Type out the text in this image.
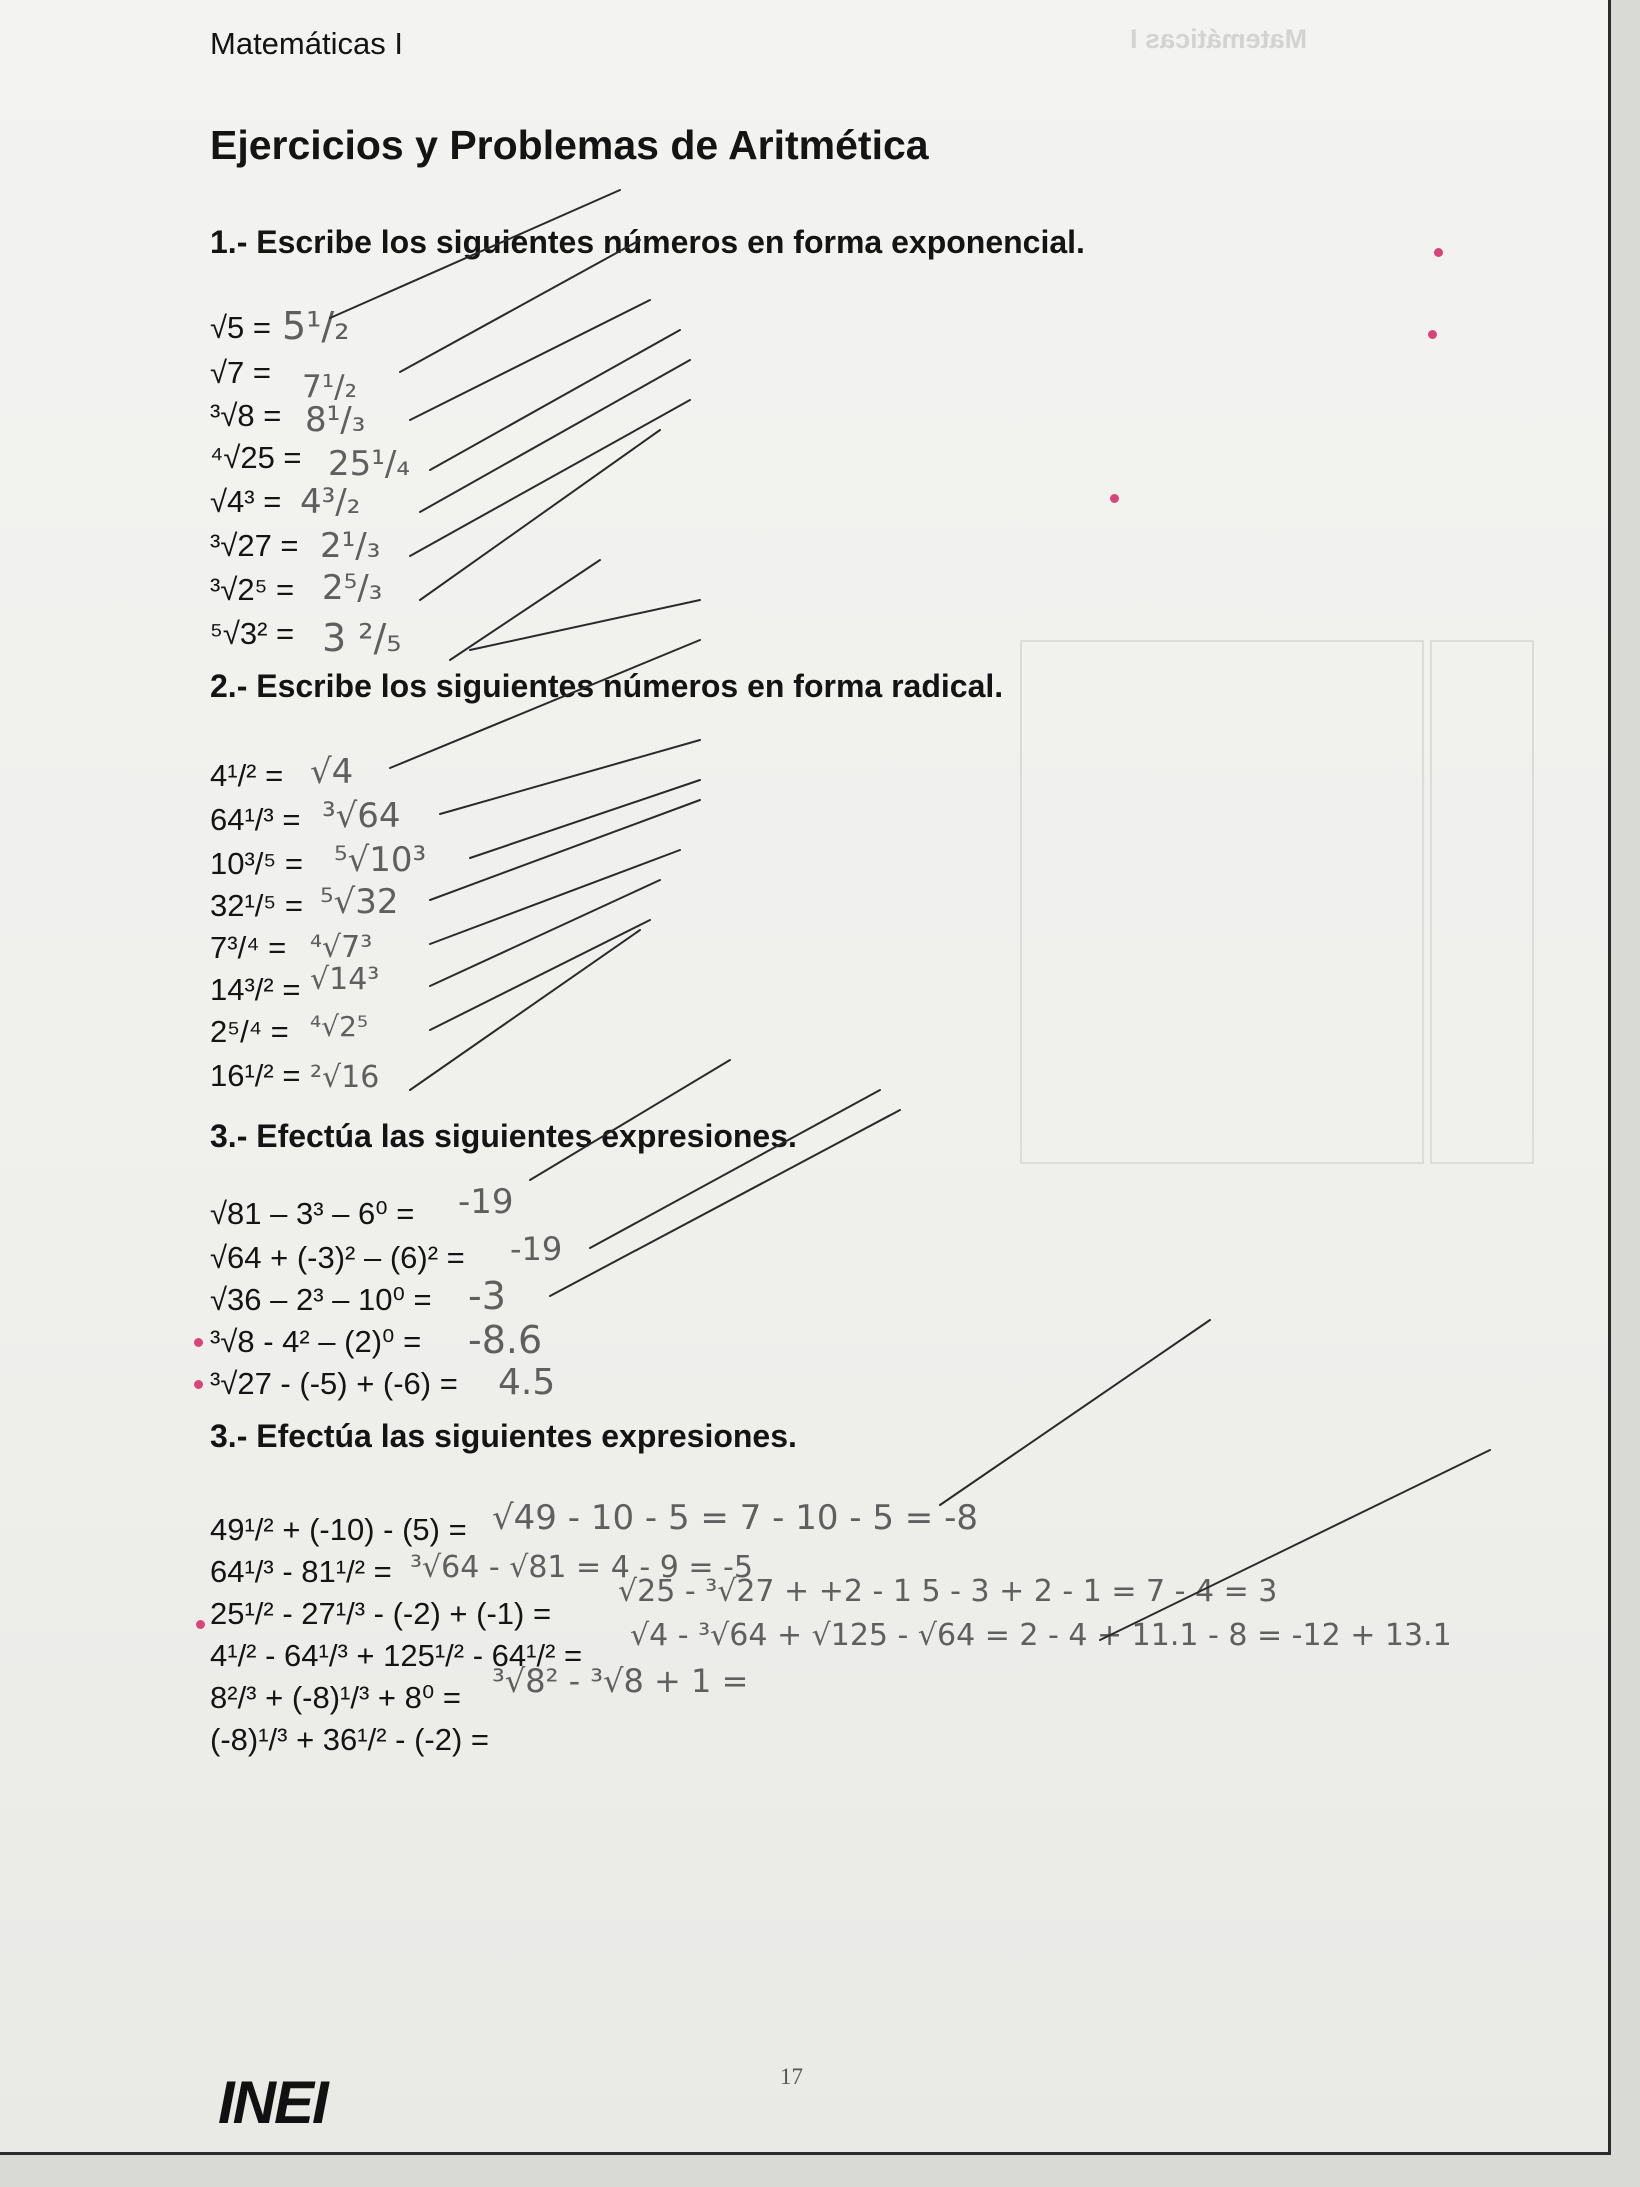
Matemáticas I
Matemáticas I
Ejercicios y Problemas de Aritmética
1.- Escribe los siguientes números en forma exponencial.
√5 = 5¹/₂
√7 = 7¹/₂
³√8 = 8¹/₃
⁴√25 = 25¹/₄
√4³ = 4³/₂
³√27 = 2¹/₃
³√2⁵ = 2⁵/₃
⁵√3² = 3 ²/₅
2.- Escribe los siguientes números en forma radical.
4¹/² = √4
64¹/³ = ³√64
10³/⁵ = ⁵√10³
32¹/⁵ = ⁵√32
7³/⁴ = ⁴√7³
14³/² = √14³
2⁵/⁴ = ⁴√2⁵
16¹/² = ²√16
3.- Efectúa las siguientes expresiones.
√81 – 3³ – 6⁰ = -19
√64 + (-3)² – (6)² = -19
√36 – 2³ – 10⁰ = -3
³√8 - 4² – (2)⁰ = -8.6
³√27 - (-5) + (-6) = 4.5
3.- Efectúa las siguientes expresiones.
49¹/² + (-10) - (5) = √49 - 10 - 5 = 7 - 10 - 5 = -8
64¹/³ - 81¹/² = ³√64 - √81 = 4 - 9 = -5
25¹/² - 27¹/³ - (-2) + (-1) =
√25 - ³√27 + +2 - 1 5 - 3 + 2 - 1 = 7 - 4 = 3
4¹/² - 64¹/³ + 125¹/² - 64¹/² =
√4 - ³√64 + √125 - √64 = 2 - 4 + 11.1 - 8 = -12 + 13.1
8²/³ + (-8)¹/³ + 8⁰ = ³√8² - ³√8 + 1 =
(-8)¹/³ + 36¹/² - (-2) =
INEI	17
